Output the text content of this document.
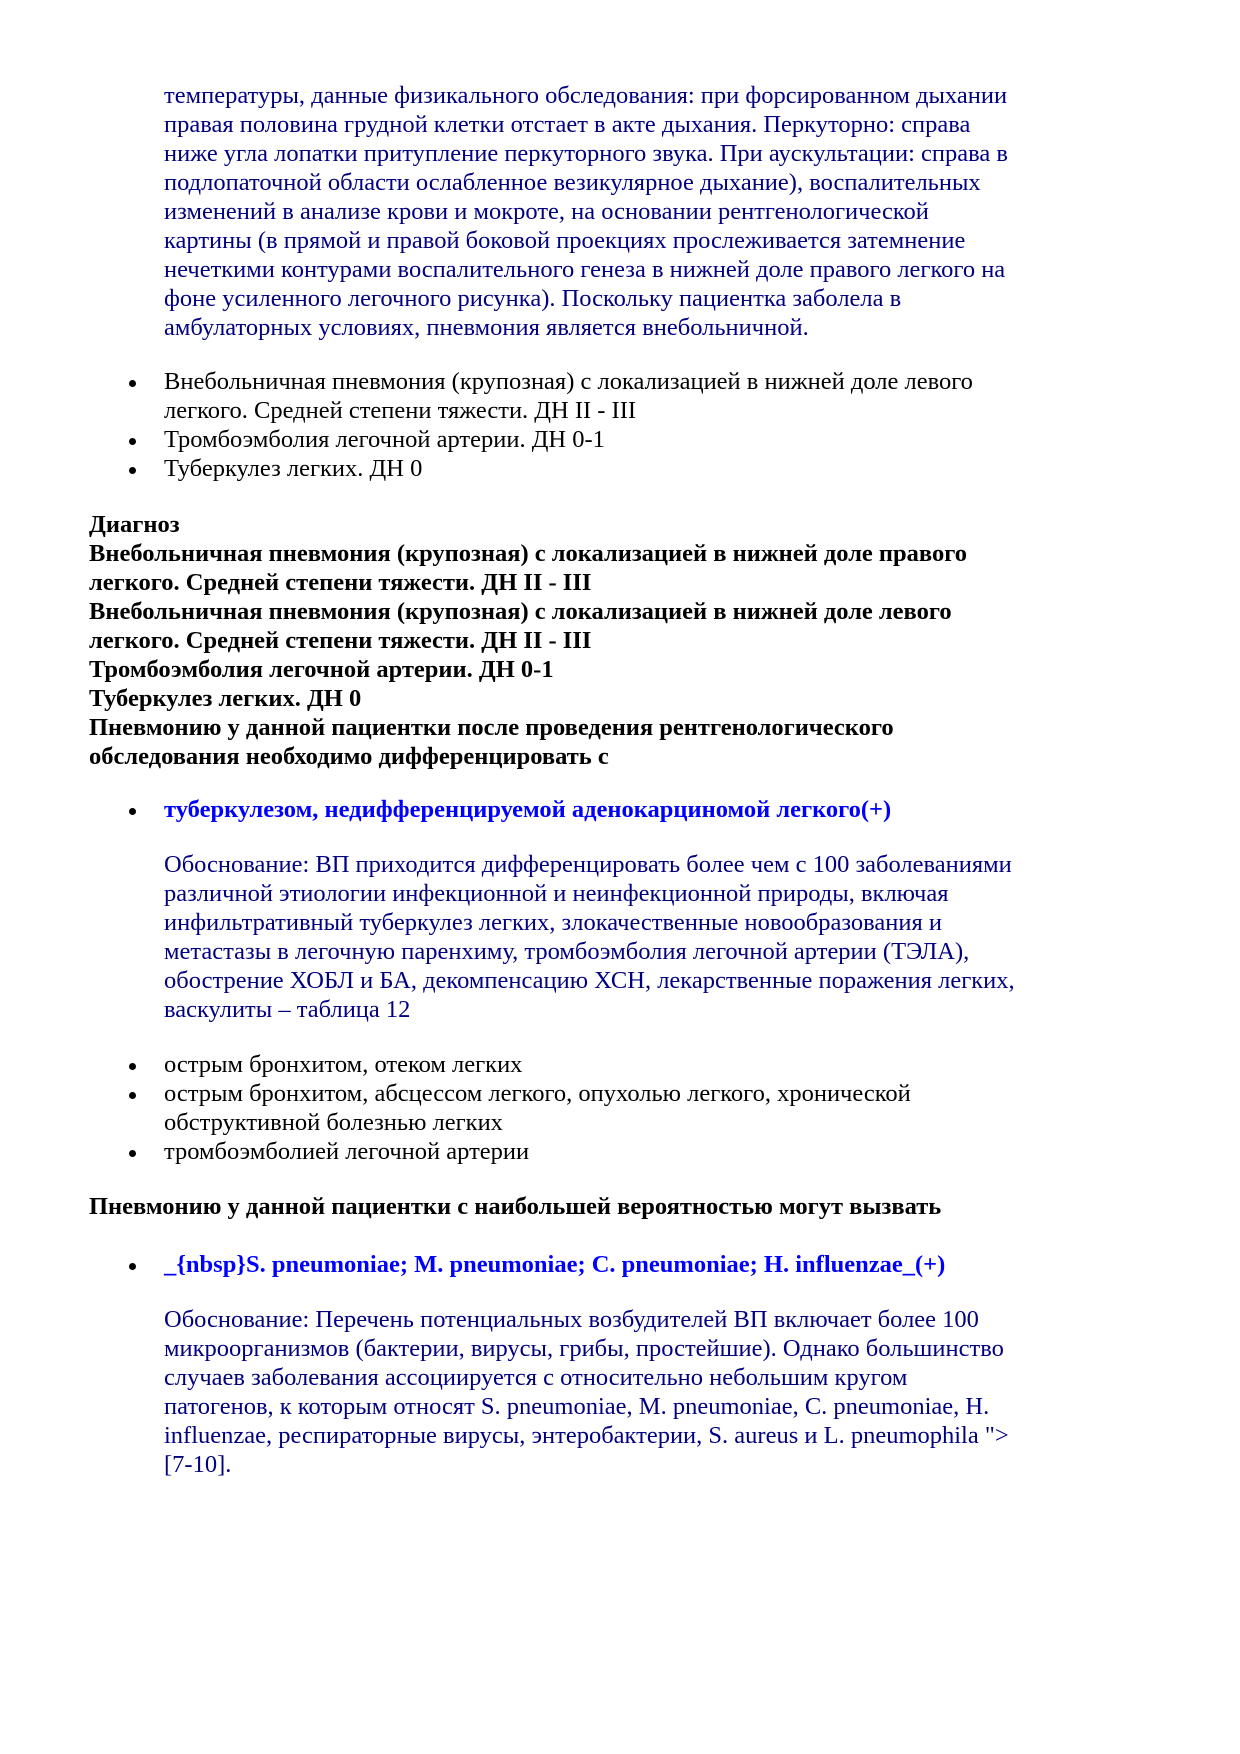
температуры, данные физикального обследования: при форсированном дыхании
правая половина грудной клетки отстает в акте дыхания. Перкуторно: справа
ниже угла лопатки притупление перкуторного звука. При аускультации: справа в
подлопаточной области ослабленное везикулярное дыхание), воспалительных
изменений в анализе крови и мокроте, на основании рентгенологической
картины (в прямой и правой боковой проекциях прослеживается затемнение
нечеткими контурами воспалительного генеза в нижней доле правого легкого на
фоне усиленного легочного рисунка). Поскольку пациентка заболела в
амбулаторных условиях, пневмония является внебольничной.
Внебольничная пневмония (крупозная) с локализацией в нижней доле левого
легкого. Средней степени тяжести. ДН II - III
Тромбоэмболия легочной артерии. ДН 0-1
Туберкулез легких. ДН 0
Диагноз
Внебольничная пневмония (крупозная) с локализацией в нижней доле правого
легкого. Средней степени тяжести. ДН II - III
Внебольничная пневмония (крупозная) с локализацией в нижней доле левого
легкого. Средней степени тяжести. ДН II - III
Тромбоэмболия легочной артерии. ДН 0-1
Туберкулез легких. ДН 0
Пневмонию у данной пациентки после проведения рентгенологического
обследования необходимо дифференцировать с
туберкулезом, недифференцируемой аденокарциномой легкого(+)
Обоснование: ВП приходится дифференцировать более чем с 100 заболеваниями
различной этиологии инфекционной и неинфекционной природы, включая
инфильтративный туберкулез легких, злокачественные новообразования и
метастазы в легочную паренхиму, тромбоэмболия легочной артерии (ТЭЛА),
обострение ХОБЛ и БА, декомпенсацию ХСН, лекарственные поражения легких,
васкулиты – таблица 12
острым бронхитом, отеком легких
острым бронхитом, абсцессом легкого, опухолью легкого, хронической
обструктивной болезнью легких
тромбоэмболией легочной артерии
Пневмонию у данной пациентки с наибольшей вероятностью могут вызвать
_{nbsp}S. pneumoniae; M. pneumoniae; C. pneumoniae; H. influenzae_(+)
Обоснование: Перечень потенциальных возбудителей ВП включает более 100
микроорганизмов (бактерии, вирусы, грибы, простейшие). Однако большинство
случаев заболевания ассоциируется с относительно небольшим кругом
патогенов, к которым относят S. pneumoniae, M. pneumoniae, C. pneumoniae, H.
influenzae, респираторные вирусы, энтеробактерии, S. aureus и L. pneumophila ">
[7-10].
